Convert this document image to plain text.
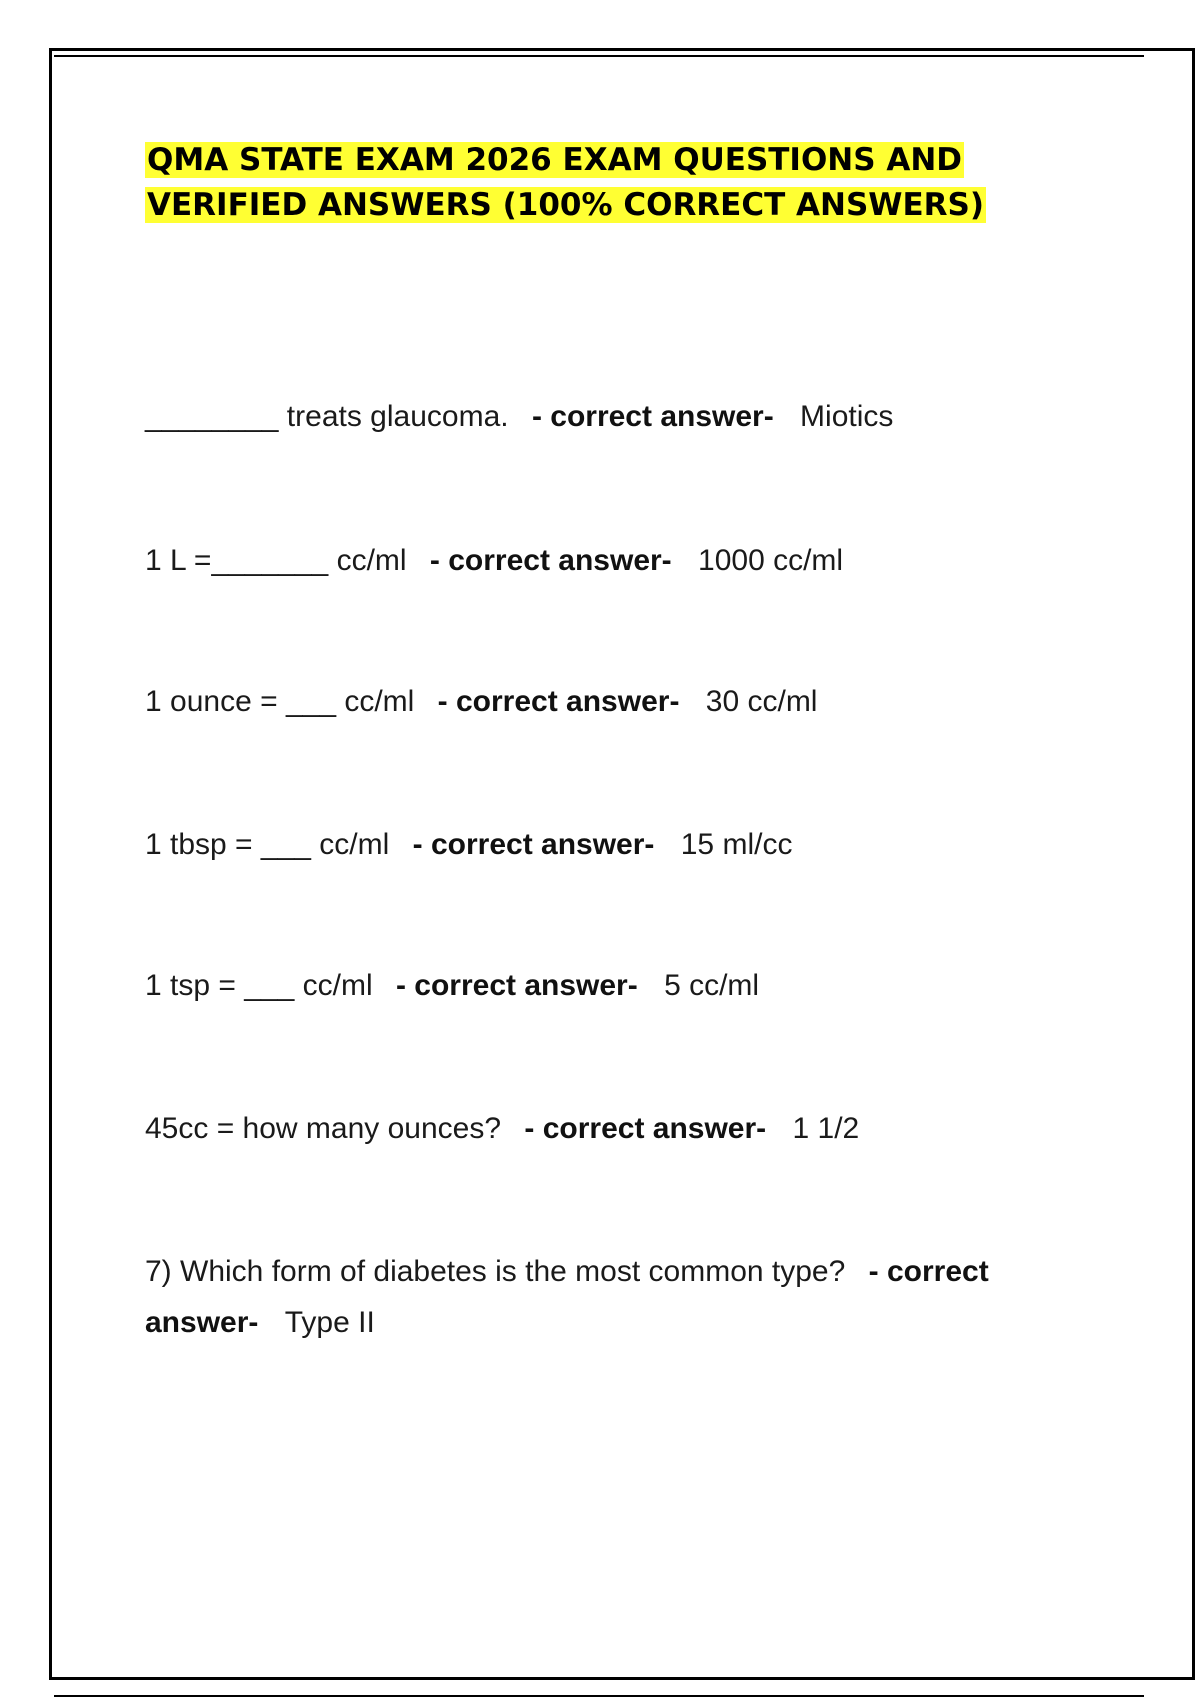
QMA STATE EXAM 2026 EXAM QUESTIONS AND
VERIFIED ANSWERS (100% CORRECT ANSWERS)

________ treats glaucoma. - correct answer- Miotics

1 L =_______ cc/ml - correct answer- 1000 cc/ml

1 ounce = ___ cc/ml - correct answer- 30 cc/ml

1 tbsp = ___ cc/ml - correct answer- 15 ml/cc

1 tsp = ___ cc/ml - correct answer- 5 cc/ml

45cc = how many ounces? - correct answer- 1 1/2

7) Which form of diabetes is the most common type? - correct answer- Type II
